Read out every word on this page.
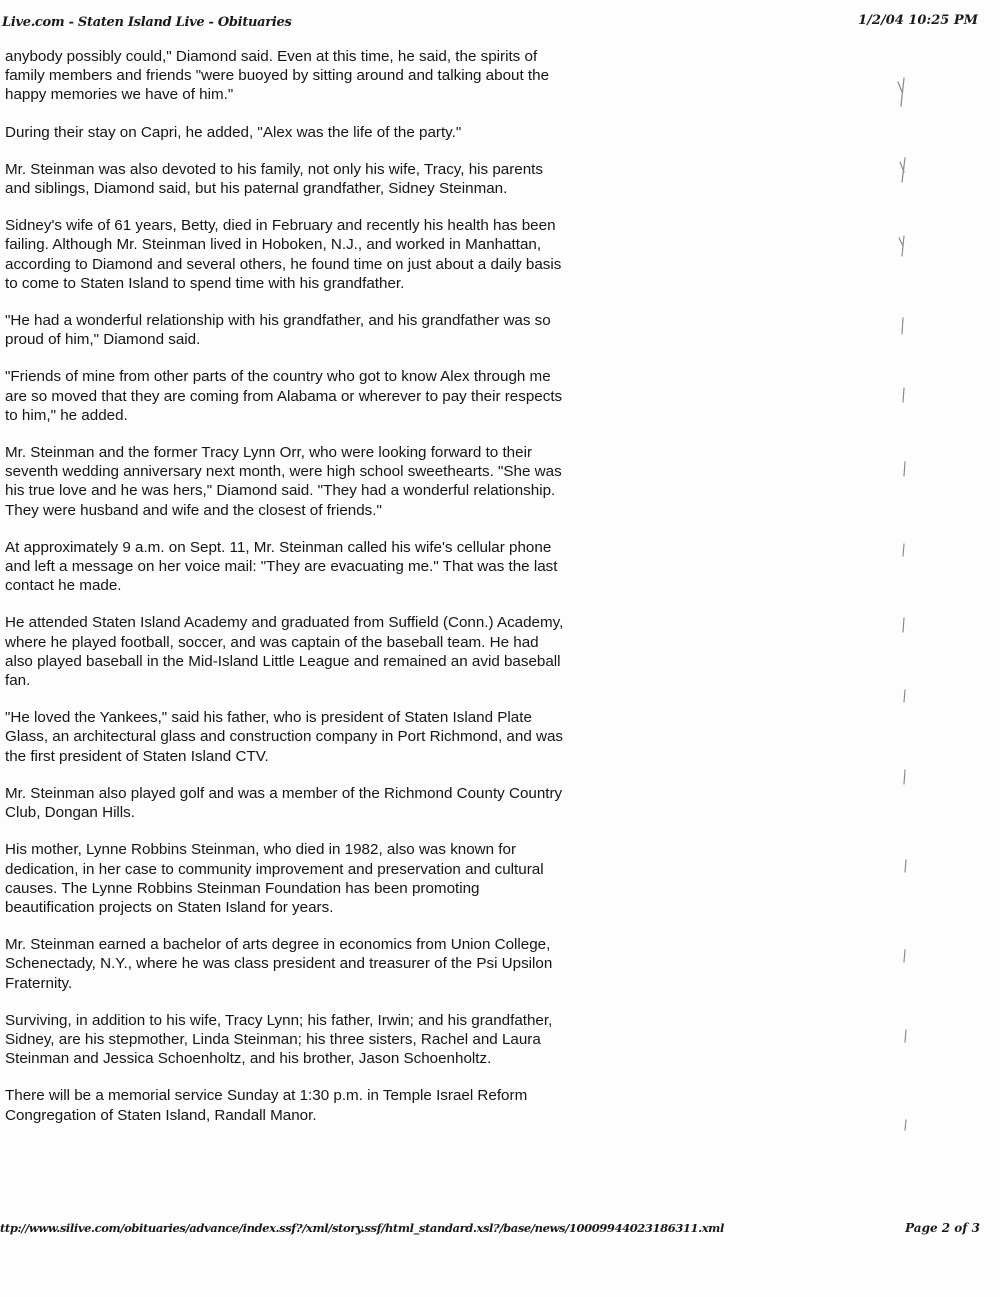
Live.com - Staten Island Live - Obituaries	1/2/04 10:25 PM

anybody possibly could," Diamond said. Even at this time, he said, the spirits of family members and friends "were buoyed by sitting around and talking about the happy memories we have of him."

During their stay on Capri, he added, "Alex was the life of the party."

Mr. Steinman was also devoted to his family, not only his wife, Tracy, his parents and siblings, Diamond said, but his paternal grandfather, Sidney Steinman.

Sidney's wife of 61 years, Betty, died in February and recently his health has been failing. Although Mr. Steinman lived in Hoboken, N.J., and worked in Manhattan, according to Diamond and several others, he found time on just about a daily basis to come to Staten Island to spend time with his grandfather.

"He had a wonderful relationship with his grandfather, and his grandfather was so proud of him," Diamond said.

"Friends of mine from other parts of the country who got to know Alex through me are so moved that they are coming from Alabama or wherever to pay their respects to him," he added.

Mr. Steinman and the former Tracy Lynn Orr, who were looking forward to their seventh wedding anniversary next month, were high school sweethearts. "She was his true love and he was hers," Diamond said. "They had a wonderful relationship. They were husband and wife and the closest of friends."

At approximately 9 a.m. on Sept. 11, Mr. Steinman called his wife's cellular phone and left a message on her voice mail: "They are evacuating me." That was the last contact he made.

He attended Staten Island Academy and graduated from Suffield (Conn.) Academy, where he played football, soccer, and was captain of the baseball team. He had also played baseball in the Mid-Island Little League and remained an avid baseball fan.

"He loved the Yankees," said his father, who is president of Staten Island Plate Glass, an architectural glass and construction company in Port Richmond, and was the first president of Staten Island CTV.

Mr. Steinman also played golf and was a member of the Richmond County Country Club, Dongan Hills.

His mother, Lynne Robbins Steinman, who died in 1982, also was known for dedication, in her case to community improvement and preservation and cultural causes. The Lynne Robbins Steinman Foundation has been promoting beautification projects on Staten Island for years.

Mr. Steinman earned a bachelor of arts degree in economics from Union College, Schenectady, N.Y., where he was class president and treasurer of the Psi Upsilon Fraternity.

Surviving, in addition to his wife, Tracy Lynn; his father, Irwin; and his grandfather, Sidney, are his stepmother, Linda Steinman; his three sisters, Rachel and Laura Steinman and Jessica Schoenholtz, and his brother, Jason Schoenholtz.

There will be a memorial service Sunday at 1:30 p.m. in Temple Israel Reform Congregation of Staten Island, Randall Manor.

ttp://www.silive.com/obituaries/advance/index.ssf?/xml/story.ssf/html_standard.xsl?/base/news/10009944023186311.xml	Page 2 of 3
